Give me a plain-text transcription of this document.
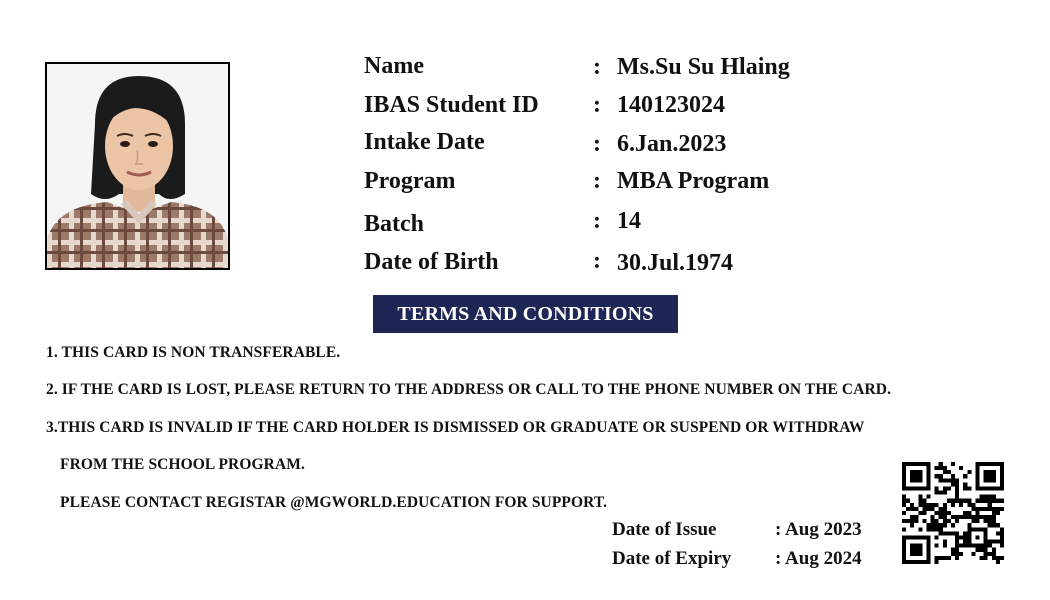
Name	: Ms.Su Su Hlaing
IBAS Student ID : 140123024
Intake Date	: 6.Jan.2023
Program	: MBA Program
Batch	: 14
Date of Birth	: 30.Jul.1974
TERMS AND CONDITIONS
1. THIS CARD IS NON TRANSFERABLE.
2. IF THE CARD IS LOST, PLEASE RETURN TO THE ADDRESS OR CALL TO THE PHONE NUMBER ON THE CARD.
3.THIS CARD IS INVALID IF THE CARD HOLDER IS DISMISSED OR GRADUATE OR SUSPEND OR WITHDRAW
FROM THE SCHOOL PROGRAM.
PLEASE CONTACT REGISTAR @MGWORLD.EDUCATION FOR SUPPORT.
Date of Issue	: Aug 2023
Date of Expiry : Aug 2024
